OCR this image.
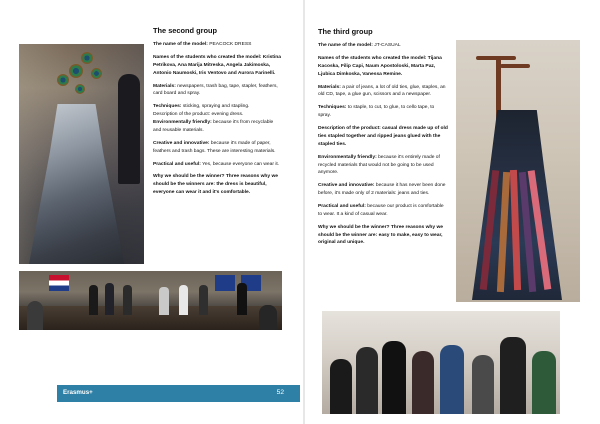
The second group

The name of the model: PEACOCK DRESS

Names of the students who created the model: Kristina Petrikova, Ana Marija Mitreska, Angela Jakimoska, Antonio Naumoski, Iris Ventovo and Aurora Farinelli.

Materials: newspapers, trash bag, tape, stapler, feathers, card board and spray.

Techniques: sticking, spraying and stapling.

Description of the product: evening dress.

Environmentally friendly: because it's from recyclable and reusable materials.

Creative and innovative: because it's made of paper, feathers and trash bags. These are interesting materials.

Practical and useful: Yes, because everyone can wear it.

Why we should be the winner? Three reasons why we should be the winners are: the dress is beautiful, everyone can wear it and it's comfortable.

Erasmus+	52
The third group

The name of the model: JT-CASUAL

Names of the students who created the model: Tijana Kacoska, Filip Capi, Naum Apostoloski, Marta Paz, Ljubica Dimkoska, Vanessa Remine.

Materials: a pair of jeans, a lot of old ties, glue, staples, an old CD, tape, a glue gun, scissors and a newspaper.

Techniques: to staple, to cut, to glue, to cello tape, to spray.

Description of the product: casual dress made up of old ties stapled together and ripped jeans glued with the stapled ties.

Environmentally friendly: because it's entirely made of recycled materials that would not be going to be used anymore.

Creative and innovative: because it has never been done before, it's made only of 2 materials: jeans and ties.

Practical and useful: because our product is comfortable to wear. It a kind of casual wear.

Why we should be the winner? Three reasons why we should be the winner are: easy to make, easy to wear, original and unique.
